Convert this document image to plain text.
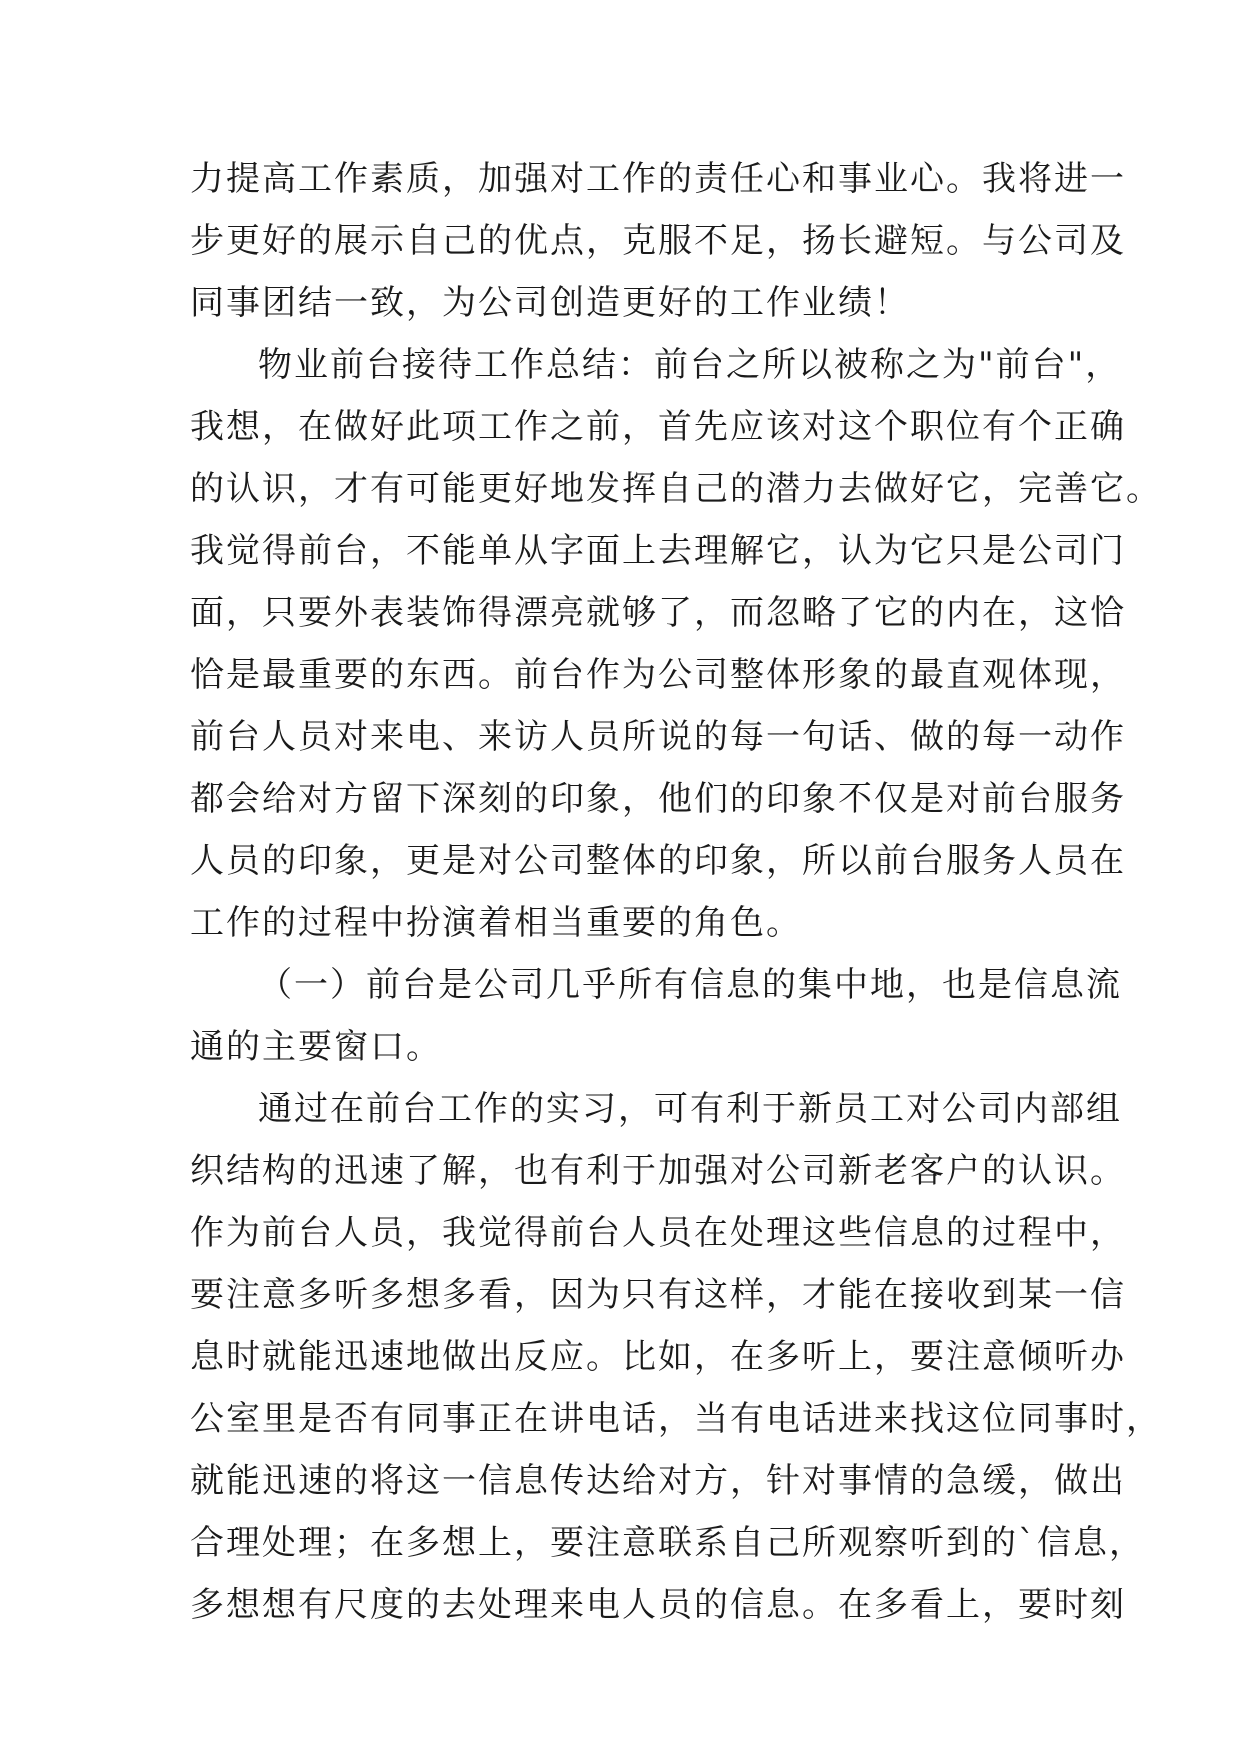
力提高工作素质，加强对工作的责任心和事业心。我将进一
步更好的展示自己的优点，克服不足，扬长避短。与公司及
同事团结一致，为公司创造更好的工作业绩！
物业前台接待工作总结：前台之所以被称之为"前台"，
我想，在做好此项工作之前，首先应该对这个职位有个正确
的认识，才有可能更好地发挥自己的潜力去做好它，完善它。
我觉得前台，不能单从字面上去理解它，认为它只是公司门
面，只要外表装饰得漂亮就够了，而忽略了它的内在，这恰
恰是最重要的东西。前台作为公司整体形象的最直观体现，
前台人员对来电、来访人员所说的每一句话、做的每一动作
都会给对方留下深刻的印象，他们的印象不仅是对前台服务
人员的印象，更是对公司整体的印象，所以前台服务人员在
工作的过程中扮演着相当重要的角色。
（一）前台是公司几乎所有信息的集中地，也是信息流
通的主要窗口。
通过在前台工作的实习，可有利于新员工对公司内部组
织结构的迅速了解，也有利于加强对公司新老客户的认识。
作为前台人员，我觉得前台人员在处理这些信息的过程中，
要注意多听多想多看，因为只有这样，才能在接收到某一信
息时就能迅速地做出反应。比如，在多听上，要注意倾听办
公室里是否有同事正在讲电话，当有电话进来找这位同事时，
就能迅速的将这一信息传达给对方，针对事情的急缓，做出
合理处理；在多想上，要注意联系自己所观察听到的`信息，
多想想有尺度的去处理来电人员的信息。在多看上，要时刻
